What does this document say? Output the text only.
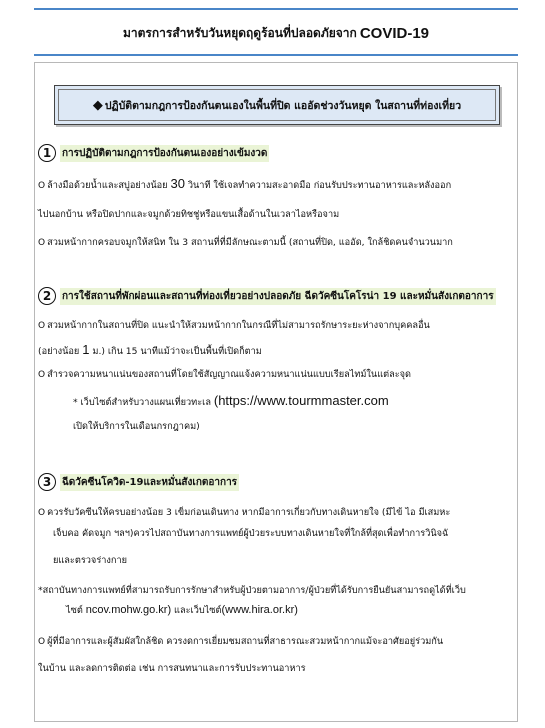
มาตรการสำหรับวันหยุดฤดูร้อนที่ปลอดภัยจาก COVID-19
◆ ปฏิบัติตามกฎการป้องกันตนเองในพื้นที่ปิด แออัดช่วงวันหยุด ในสถานที่ท่องเที่ยว
1	การปฏิบัติตามกฎการป้องกันตนเองอย่างเข้มงวด
O ล้างมือด้วยน้ำและสบู่อย่างน้อย 30 วินาที ใช้เจลทำความสะอาดมือ ก่อนรับประทานอาหารและหลังออก
ไปนอกบ้าน หรือปิดปากและจมูกด้วยทิชชู่หรือแขนเสื้อด้านในเวลาไอหรือจาม
O สวมหน้ากากครอบจมูกให้สนิท ใน 3 สถานที่ที่มีลักษณะตามนี้ (สถานที่ปิด, แออัด, ใกล้ชิดคนจำนวนมาก
2	การใช้สถานที่พักผ่อนและสถานที่ท่องเที่ยวอย่างปลอดภัย ฉีดวัคซีนโคโรน่า 19 และหมั่นสังเกตอาการ
O สวมหน้ากากในสถานที่ปิด แนะนำให้สวมหน้ากากในกรณีที่ไม่สามารถรักษาระยะห่างจากบุคคลอื่น
(อย่างน้อย 1 ม.) เกิน 15 นาทีแม้ว่าจะเป็นพื้นที่เปิดก็ตาม
O สำรวจความหนาแน่นของสถานที่โดยใช้สัญญาณแจ้งความหนาแน่นแบบเรียลไทม์ในแต่ละจุด
* เว็บไซต์สำหรับวางแผนเที่ยวทะเล (https://www.tourmmaster.com
เปิดให้บริการในเดือนกรกฎาคม)
3	ฉีดวัคซีนโควิด-19และหมั่นสังเกตอาการ
O ควรรับวัคซีนให้ครบอย่างน้อย 3 เข็มก่อนเดินทาง หากมีอาการเกี่ยวกับทางเดินหายใจ (มีไข้ ไอ มีเสมหะ
เจ็บคอ คัดจมูก ฯลฯ)ควรไปสถาบันทางการแพทย์ผู้ป่วยระบบทางเดินหายใจที่ใกล้ที่สุดเพื่อทำการวินิจฉั
ยและตรวจร่างกาย
*สถาบันทางการแพทย์ที่สามารถรับการรักษาสำหรับผู้ป่วยตามอาการ/ผู้ป่วยที่ได้รับการยืนยันสามารถดูได้ที่เว็บ
ไซต์ ncov.mohw.go.kr) และเว็บไซต์(www.hira.or.kr)
O ผู้ที่มีอาการและผู้สัมผัสใกล้ชิด ควรงดการเยี่ยมชมสถานที่สาธารณะสวมหน้ากากแม้จะอาศัยอยู่ร่วมกัน
ในบ้าน และลดการติดต่อ เช่น การสนทนาและการรับประทานอาหาร
